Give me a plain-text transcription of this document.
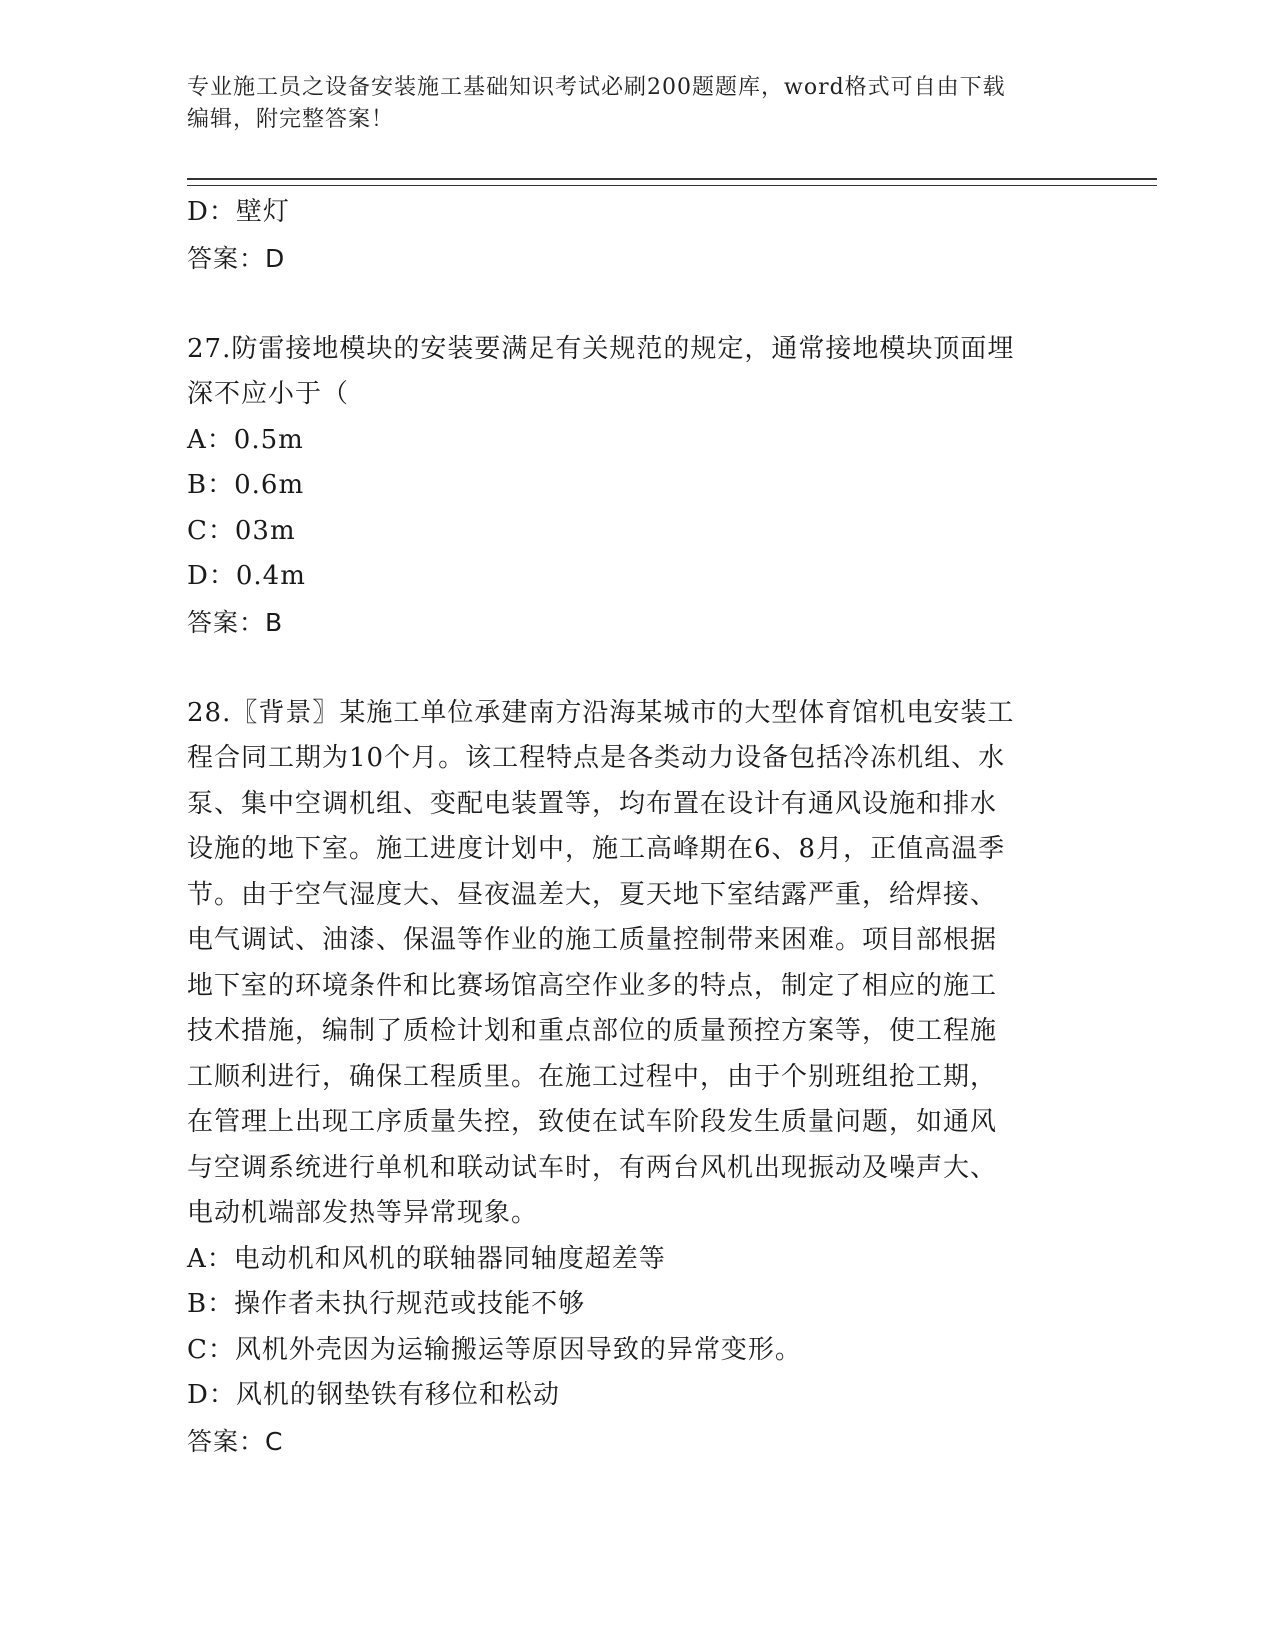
专业施工员之设备安装施工基础知识考试必刷200题题库，word格式可自由下载
编辑，附完整答案！
D：壁灯
答案：D
27.防雷接地模块的安装要满足有关规范的规定，通常接地模块顶面埋
深不应小于（
A：0.5m
B：0.6m
C：03m
D：0.4m
答案：B
28.〖背景〗某施工单位承建南方沿海某城市的大型体育馆机电安装工
程合同工期为10个月。该工程特点是各类动力设备包括冷冻机组、水
泵、集中空调机组、变配电装置等，均布置在设计有通风设施和排水
设施的地下室。施工进度计划中，施工高峰期在6、8月，正值高温季
节。由于空气湿度大、昼夜温差大，夏天地下室结露严重，给焊接、
电气调试、油漆、保温等作业的施工质量控制带来困难。项目部根据
地下室的环境条件和比赛场馆高空作业多的特点，制定了相应的施工
技术措施，编制了质检计划和重点部位的质量预控方案等，使工程施
工顺利进行，确保工程质里。在施工过程中，由于个别班组抢工期，
在管理上出现工序质量失控，致使在试车阶段发生质量问题，如通风
与空调系统进行单机和联动试车时，有两台风机出现振动及噪声大、
电动机端部发热等异常现象。
A：电动机和风机的联轴器同轴度超差等
B：操作者未执行规范或技能不够
C：风机外壳因为运输搬运等原因导致的异常变形。
D：风机的钢垫铁有移位和松动
答案：C
